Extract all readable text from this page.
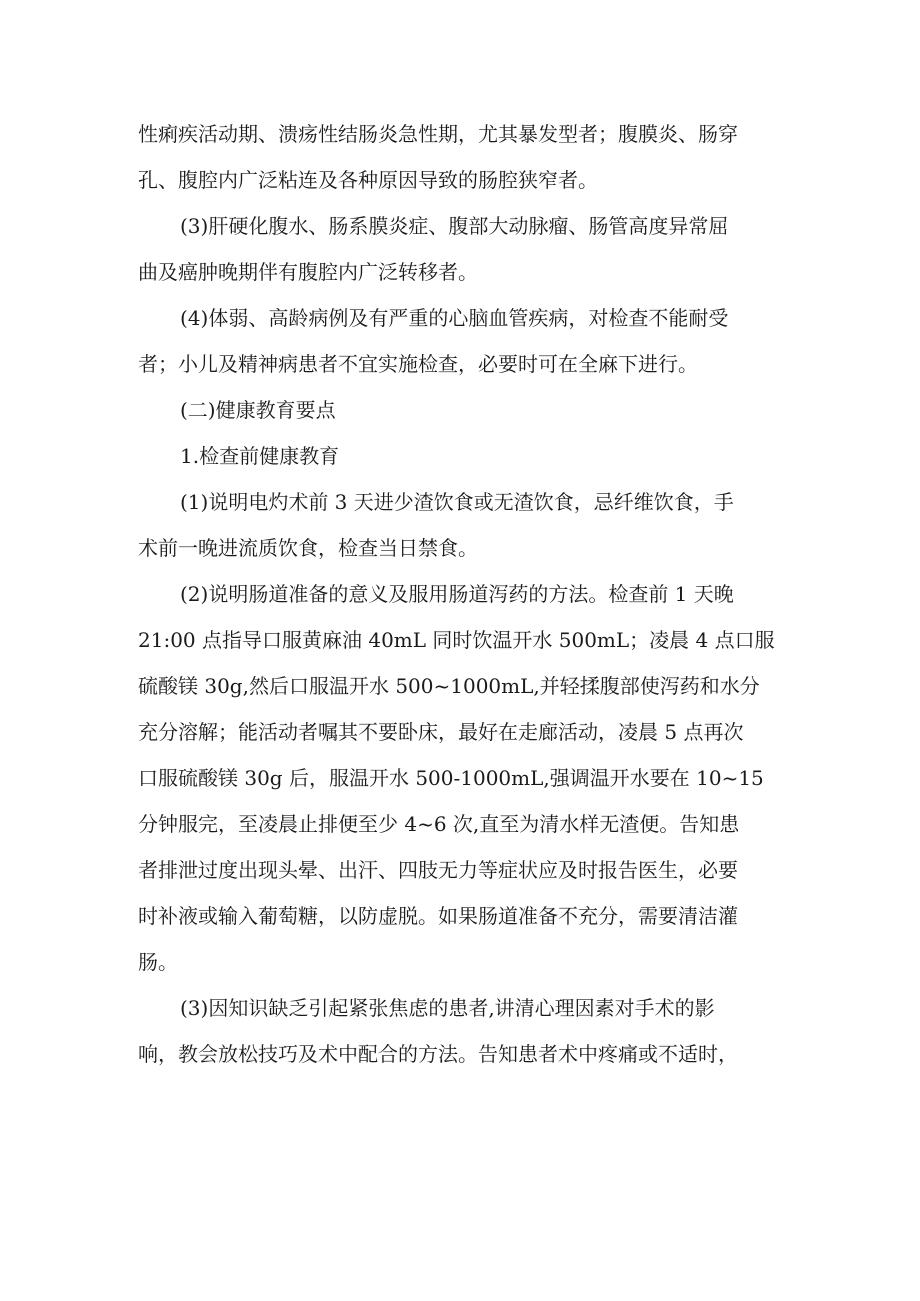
性痢疾活动期、溃疡性结肠炎急性期，尤其暴发型者；腹膜炎、肠穿
孔、腹腔内广泛粘连及各种原因导致的肠腔狭窄者。
(3)肝硬化腹水、肠系膜炎症、腹部大动脉瘤、肠管高度异常屈
曲及癌肿晚期伴有腹腔内广泛转移者。
(4)体弱、高龄病例及有严重的心脑血管疾病，对检查不能耐受
者；小儿及精神病患者不宜实施检查，必要时可在全麻下进行。
(二)健康教育要点
1.检查前健康教育
(1)说明电灼术前 3 天进少渣饮食或无渣饮食，忌纤维饮食，手
术前一晚进流质饮食，检查当日禁食。
(2)说明肠道准备的意义及服用肠道泻药的方法。检查前 1 天晚
21:00 点指导口服黄麻油 40mL 同时饮温开水 500mL；凌晨 4 点口服
硫酸镁 30g,然后口服温开水 500~1000mL,并轻揉腹部使泻药和水分
充分溶解；能活动者嘱其不要卧床，最好在走廊活动，凌晨 5 点再次
口服硫酸镁 30g 后，服温开水 500-1000mL,强调温开水要在 10~15
分钟服完，至凌晨止排便至少 4~6 次,直至为清水样无渣便。告知患
者排泄过度出现头晕、出汗、四肢无力等症状应及时报告医生，必要
时补液或输入葡萄糖，以防虚脱。如果肠道准备不充分，需要清洁灌
肠。
(3)因知识缺乏引起紧张焦虑的患者,讲清心理因素对手术的影
响，教会放松技巧及术中配合的方法。告知患者术中疼痛或不适时，
